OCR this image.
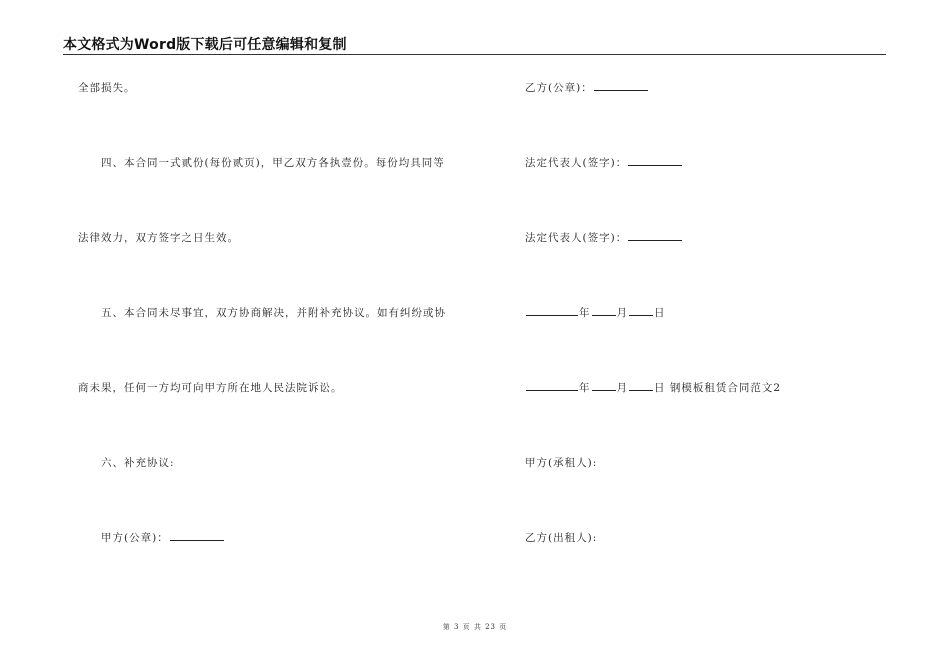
本文格式为Word版下载后可任意编辑和复制
全部损失。
四、本合同一式贰份(每份贰页)，甲乙双方各执壹份。每份均具同等
法律效力，双方签字之日生效。
五、本合同未尽事宜，双方协商解决，并附补充协议。如有纠纷或协
商未果，任何一方均可向甲方所在地人民法院诉讼。
六、补充协议:
甲方(公章)：
乙方(公章)：
法定代表人(签字)：
法定代表人(签字)：
年 月 日
年 月 日 钢模板租赁合同范文2
甲方(承租人):
乙方(出租人):
第 3 页 共 23 页
